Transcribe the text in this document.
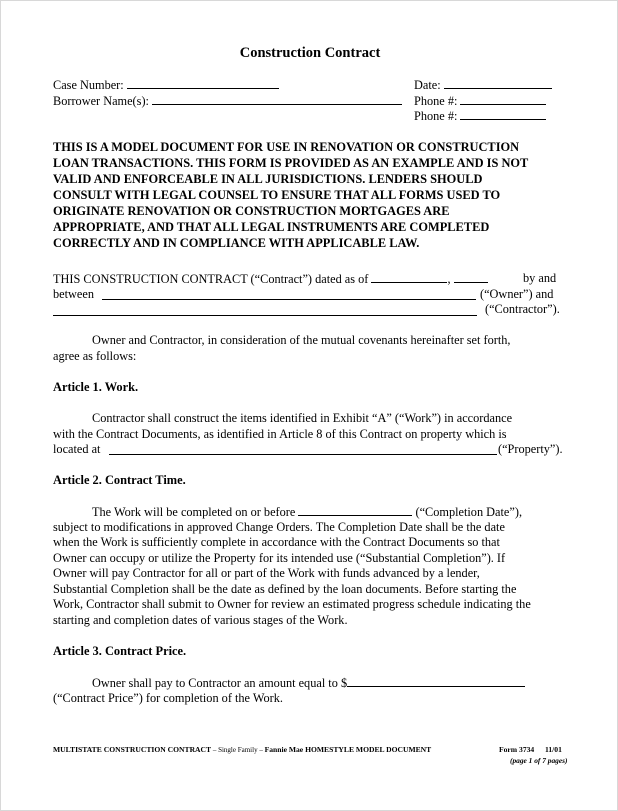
Construction Contract
Case Number:
Borrower Name(s):
Date:
Phone #:
Phone #:
THIS IS A MODEL DOCUMENT FOR USE IN RENOVATION OR CONSTRUCTION
LOAN TRANSACTIONS. THIS FORM IS PROVIDED AS AN EXAMPLE AND IS NOT
VALID AND ENFORCEABLE IN ALL JURISDICTIONS. LENDERS SHOULD
CONSULT WITH LEGAL COUNSEL TO ENSURE THAT ALL FORMS USED TO
ORIGINATE RENOVATION OR CONSTRUCTION MORTGAGES ARE
APPROPRIATE, AND THAT ALL LEGAL INSTRUMENTS ARE COMPLETED
CORRECTLY AND IN COMPLIANCE WITH APPLICABLE LAW.
THIS CONSTRUCTION CONTRACT (“Contract”) dated as of	,	by and
between	(“Owner”) and
(“Contractor”).
Owner and Contractor, in consideration of the mutual covenants hereinafter set forth,
agree as follows:
Article 1. Work.
Contractor shall construct the items identified in Exhibit “A” (“Work”) in accordance
with the Contract Documents, as identified in Article 8 of this Contract on property which is
located at	(“Property”).
Article 2. Contract Time.
The Work will be completed on or before	(“Completion Date”),
subject to modifications in approved Change Orders. The Completion Date shall be the date
when the Work is sufficiently complete in accordance with the Contract Documents so that
Owner can occupy or utilize the Property for its intended use (“Substantial Completion”). If
Owner will pay Contractor for all or part of the Work with funds advanced by a lender,
Substantial Completion shall be the date as defined by the loan documents. Before starting the
Work, Contractor shall submit to Owner for review an estimated progress schedule indicating the
starting and completion dates of various stages of the Work.
Article 3. Contract Price.
Owner shall pay to Contractor an amount equal to $
(“Contract Price”) for completion of the Work.
MULTISTATE CONSTRUCTION CONTRACT – Single Family – Fannie Mae HOMESTYLE MODEL DOCUMENT	Form 3734 11/01
(page 1 of 7 pages)
